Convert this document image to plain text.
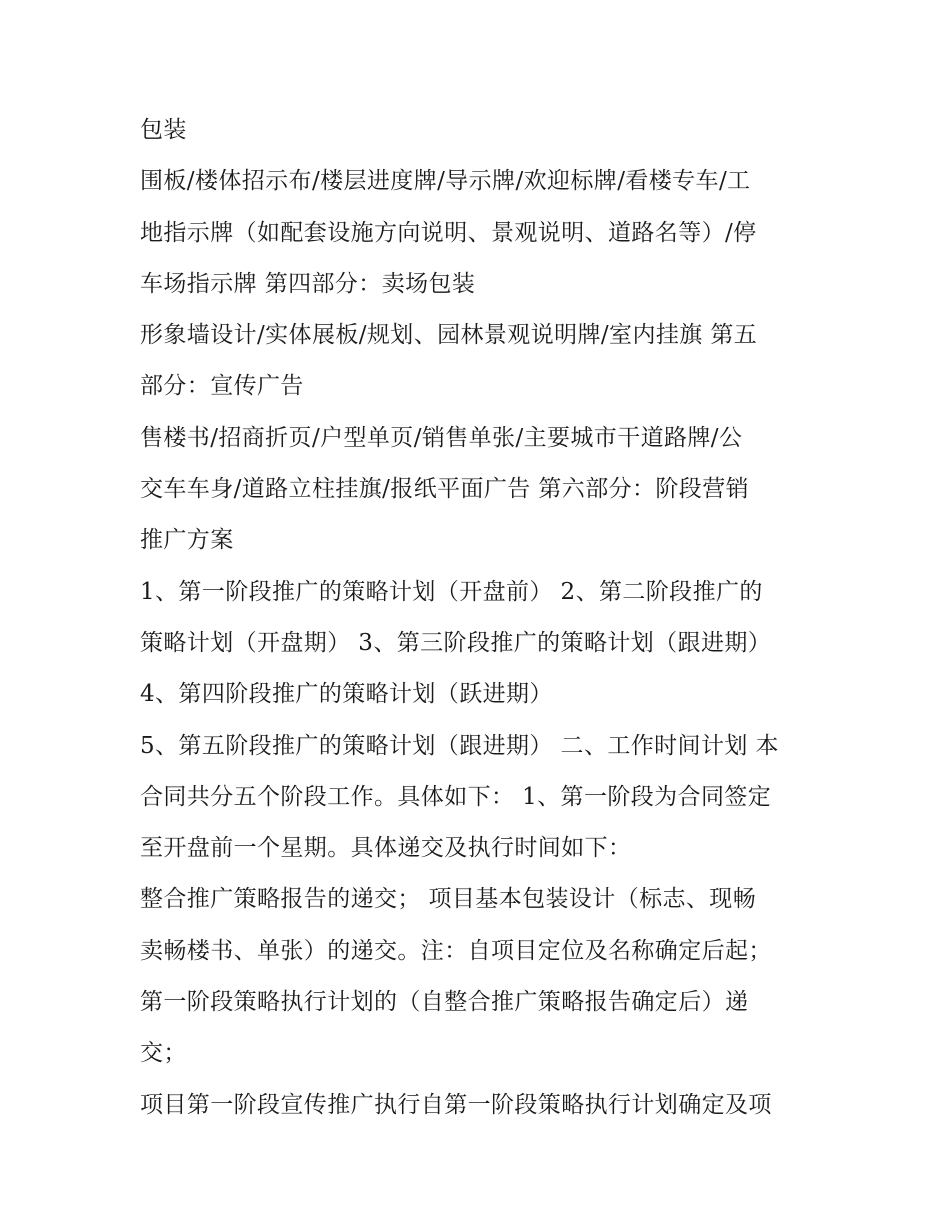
包装
围板/楼体招示布/楼层进度牌/导示牌/欢迎标牌/看楼专车/工
地指示牌（如配套设施方向说明、景观说明、道路名等）/停
车场指示牌 第四部分：卖场包装
形象墙设计/实体展板/规划、园林景观说明牌/室内挂旗 第五
部分：宣传广告
售楼书/招商折页/户型单页/销售单张/主要城市干道路牌/公
交车车身/道路立柱挂旗/报纸平面广告 第六部分：阶段营销
推广方案
1、第一阶段推广的策略计划（开盘前） 2、第二阶段推广的
策略计划（开盘期） 3、第三阶段推广的策略计划（跟进期）
4、第四阶段推广的策略计划（跃进期）
5、第五阶段推广的策略计划（跟进期） 二、工作时间计划 本
合同共分五个阶段工作。具体如下： 1、第一阶段为合同签定
至开盘前一个星期。具体递交及执行时间如下：
整合推广策略报告的递交； 项目基本包装设计（标志、现畅
卖畅楼书、单张）的递交。注：自项目定位及名称确定后起；
第一阶段策略执行计划的（自整合推广策略报告确定后）递
交；
项目第一阶段宣传推广执行自第一阶段策略执行计划确定及项
